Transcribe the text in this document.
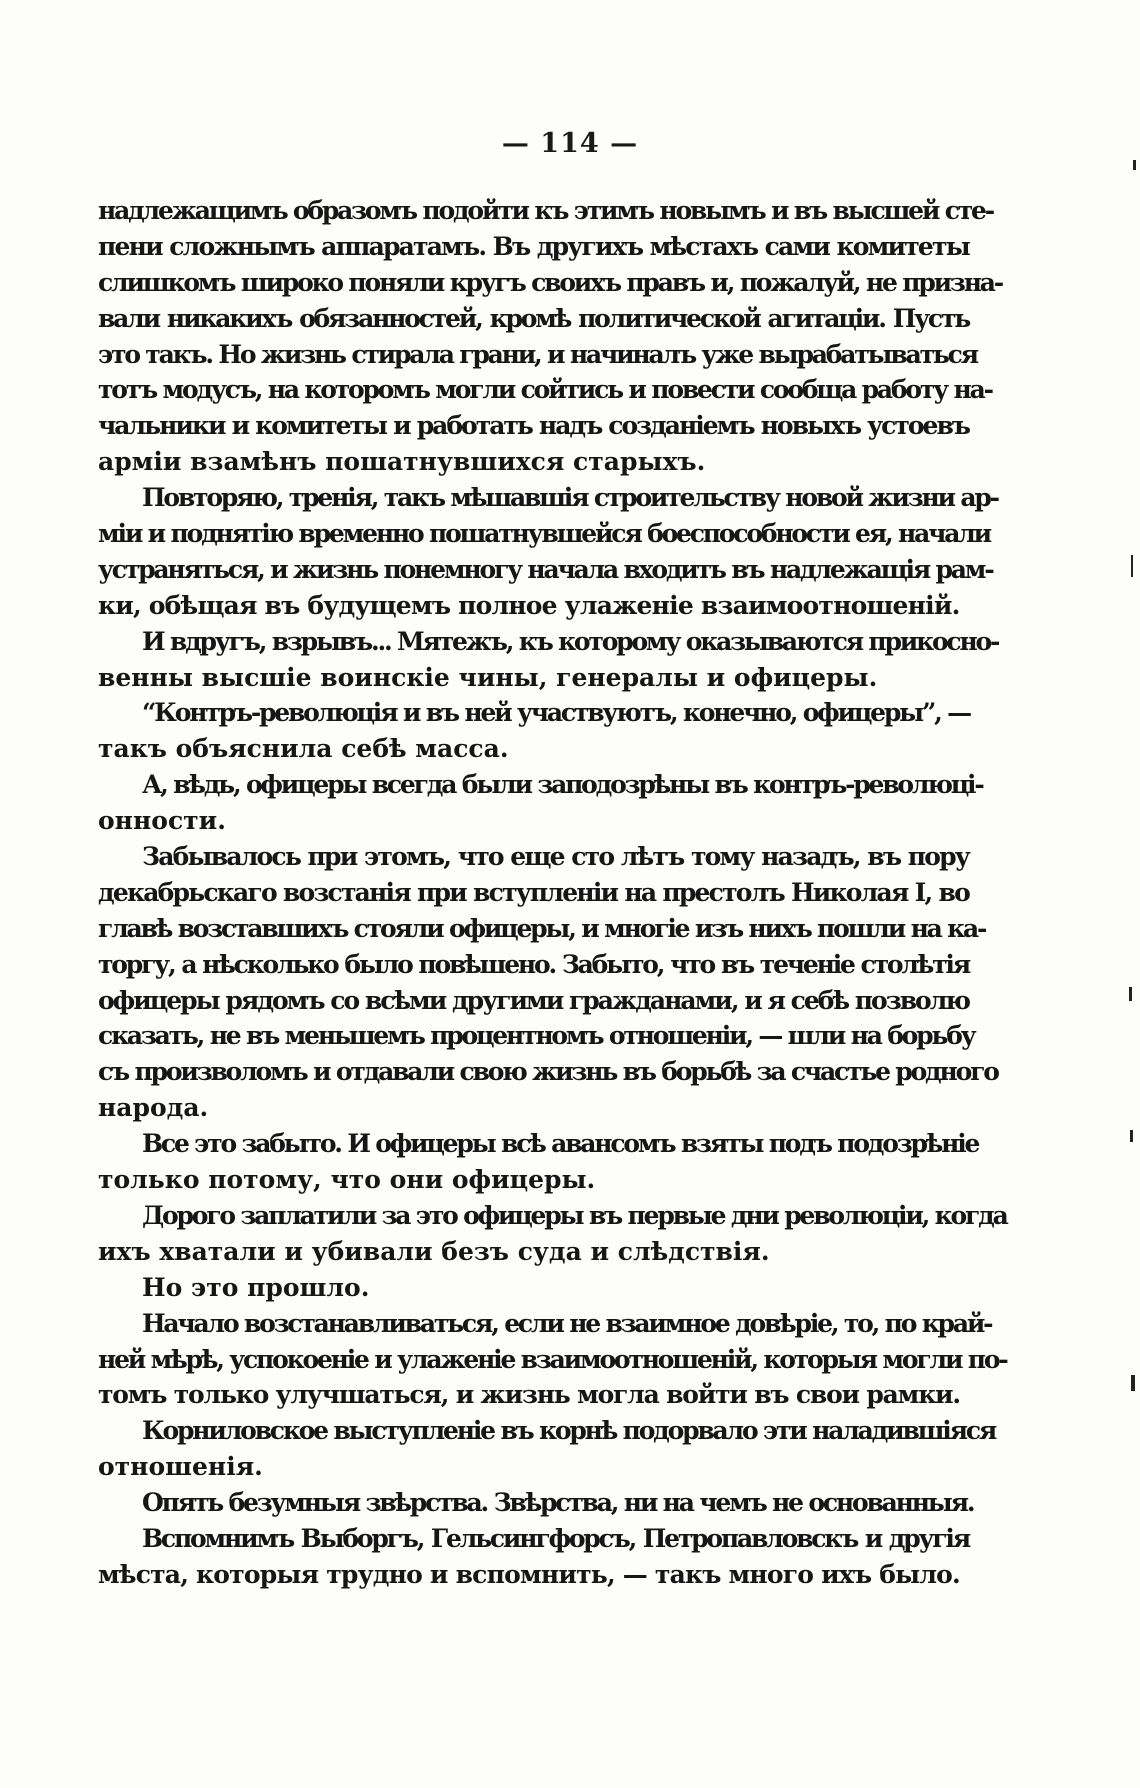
— 114 —
надлежащимъ образомъ подойти къ этимъ новымъ и въ высшей сте-
пени сложнымъ аппаратамъ. Въ другихъ мѣстахъ сами комитеты
слишкомъ широко поняли кругъ своихъ правъ и, пожалуй, не призна-
вали никакихъ обязанностей, кромѣ политической агитаціи. Пусть
это такъ. Но жизнь стирала грани, и начиналъ уже вырабатываться
тотъ модусъ, на которомъ могли сойтись и повести сообща работу на-
чальники и комитеты и работать надъ созданіемъ новыхъ устоевъ
арміи взамѣнъ пошатнувшихся старыхъ.
Повторяю, тренія, такъ мѣшавшія строительству новой жизни ар-
міи и поднятію временно пошатнувшейся боеспособности ея, начали
устраняться, и жизнь понемногу начала входить въ надлежащія рам-
ки, обѣщая въ будущемъ полное улаженіе взаимоотношеній.
И вдругъ, взрывъ... Мятежъ, къ которому оказываются прикосно-
венны высшіе воинскіе чины, генералы и офицеры.
“Контръ-революція и въ ней участвуютъ, конечно, офицеры”, —
такъ объяснила себѣ масса.
А, вѣдь, офицеры всегда были заподозрѣны въ контръ-революці-
онности.
Забывалось при этомъ, что еще сто лѣтъ тому назадъ, въ пору
декабрьскаго возстанія при вступленіи на престолъ Николая I, во
главѣ возставшихъ стояли офицеры, и многіе изъ нихъ пошли на ка-
торгу, а нѣсколько было повѣшено. Забыто, что въ теченіе столѣтія
офицеры рядомъ со всѣми другими гражданами, и я себѣ позволю
сказать, не въ меньшемъ процентномъ отношеніи, — шли на борьбу
съ произволомъ и отдавали свою жизнь въ борьбѣ за счастье родного
народа.
Все это забыто. И офицеры всѣ авансомъ взяты подъ подозрѣніе
только потому, что они офицеры.
Дорого заплатили за это офицеры въ первые дни революціи, когда
ихъ хватали и убивали безъ суда и слѣдствія.
Но это прошло.
Начало возстанавливаться, если не взаимное довѣріе, то, по край-
ней мѣрѣ, успокоеніе и улаженіе взаимоотношеній, которыя могли по-
томъ только улучшаться, и жизнь могла войти въ свои рамки.
Корниловское выступленіе въ корнѣ подорвало эти наладившіяся
отношенія.
Опять безумныя звѣрства. Звѣрства, ни на чемъ не основанныя.
Вспомнимъ Выборгъ, Гельсингфорсъ, Петропавловскъ и другія
мѣста, которыя трудно и вспомнить, — такъ много ихъ было.
